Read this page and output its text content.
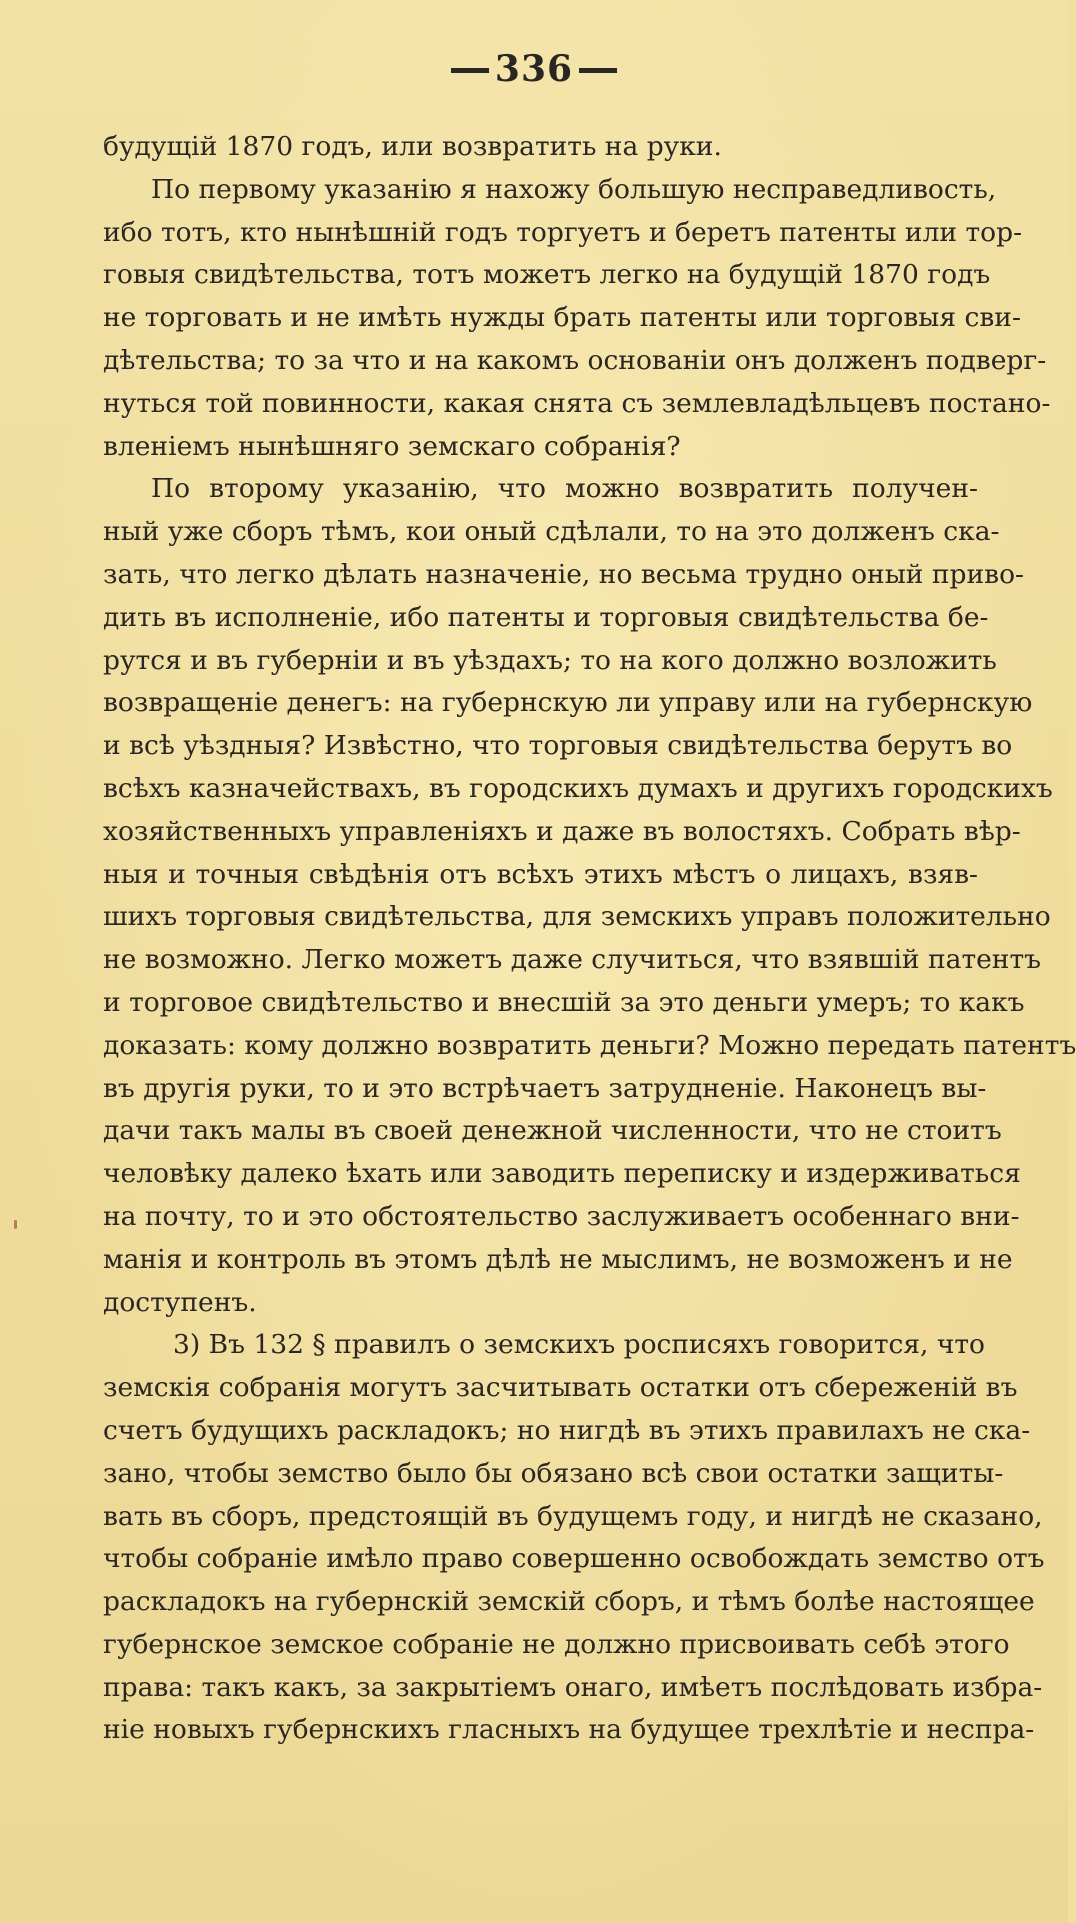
336
будущій 1870 годъ, или возвратить на руки.
По первому указанію я нахожу большую несправедливость,
ибо тотъ, кто нынѣшній годъ торгуетъ и беретъ патенты или тор-
говыя свидѣтельства, тотъ можетъ легко на будущій 1870 годъ
не торговать и не имѣть нужды брать патенты или торговыя сви-
дѣтельства; то за что и на какомъ основаніи онъ долженъ подверг-
нуться той повинности, какая снята съ землевладѣльцевъ постано-
вленіемъ нынѣшняго земскаго собранія?
По второму указанію, что можно возвратить получен-
ный уже сборъ тѣмъ, кои оный сдѣлали, то на это долженъ ска-
зать, что легко дѣлать назначеніе, но весьма трудно оный приво-
дить въ исполненіе, ибо патенты и торговыя свидѣтельства бе-
рутся и въ губерніи и въ уѣздахъ; то на кого должно возложить
возвращеніе денегъ: на губернскую ли управу или на губернскую
и всѣ уѣздныя? Извѣстно, что торговыя свидѣтельства берутъ во
всѣхъ казначействахъ, въ городскихъ думахъ и другихъ городскихъ
хозяйственныхъ управленіяхъ и даже въ волостяхъ. Собрать вѣр-
ныя и точныя свѣдѣнія отъ всѣхъ этихъ мѣстъ о лицахъ, взяв-
шихъ торговыя свидѣтельства, для земскихъ управъ положительно
не возможно. Легко можетъ даже случиться, что взявшій патентъ
и торговое свидѣтельство и внесшій за это деньги умеръ; то какъ
доказать: кому должно возвратить деньги? Можно передать патентъ
въ другія руки, то и это встрѣчаетъ затрудненіе. Наконецъ вы-
дачи такъ малы въ своей денежной численности, что не стоитъ
человѣку далеко ѣхать или заводить переписку и издерживаться
на почту, то и это обстоятельство заслуживаетъ особеннаго вни-
манія и контроль въ этомъ дѣлѣ не мыслимъ, не возможенъ и не
доступенъ.
3) Въ 132 § правилъ о земскихъ росписяхъ говорится, что
земскія собранія могутъ засчитывать остатки отъ сбереженій въ
счетъ будущихъ раскладокъ; но нигдѣ въ этихъ правилахъ не ска-
зано, чтобы земство было бы обязано всѣ свои остатки защиты-
вать въ сборъ, предстоящій въ будущемъ году, и нигдѣ не сказано,
чтобы собраніе имѣло право совершенно освобождать земство отъ
раскладокъ на губернскій земскій сборъ, и тѣмъ болѣе настоящее
губернское земское собраніе не должно присвоивать себѣ этого
права: такъ какъ, за закрытіемъ онаго, имѣетъ послѣдовать избра-
ніе новыхъ губернскихъ гласныхъ на будущее трехлѣтіе и неспра-
